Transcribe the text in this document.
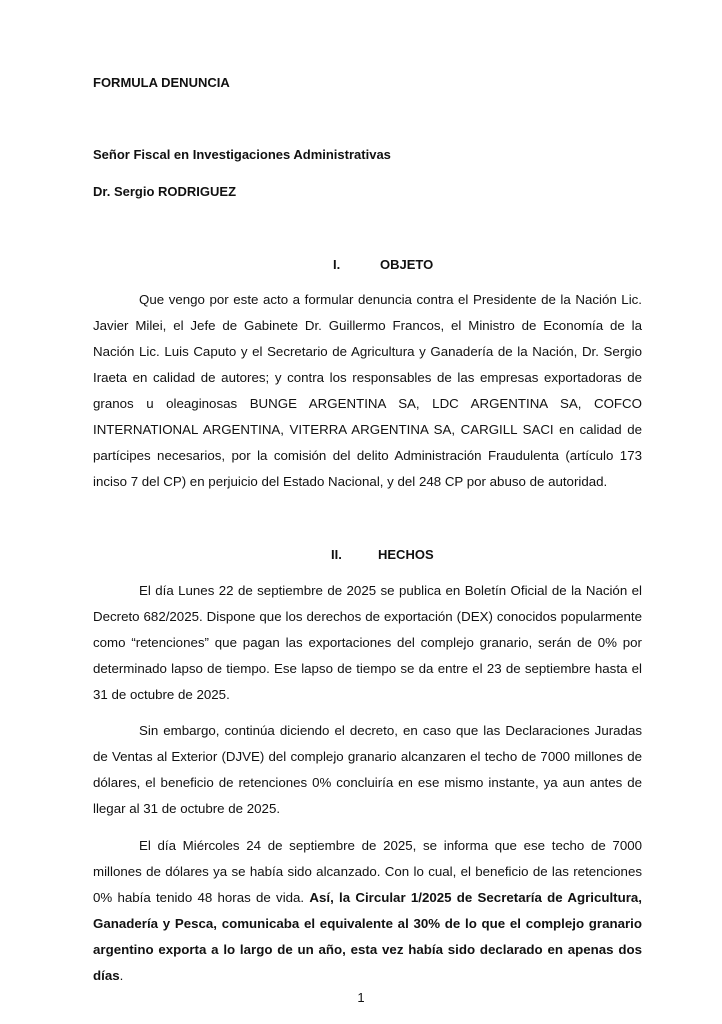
FORMULA DENUNCIA
Señor Fiscal en Investigaciones Administrativas
Dr. Sergio RODRIGUEZ
I.	OBJETO

Que vengo por este acto a formular denuncia contra el Presidente de la Nación Lic. Javier Milei, el Jefe de Gabinete Dr. Guillermo Francos, el Ministro de Economía de la Nación Lic. Luis Caputo y el Secretario de Agricultura y Ganadería de la Nación, Dr. Sergio Iraeta en calidad de autores; y contra los responsables de las empresas exportadoras de granos u oleaginosas BUNGE ARGENTINA SA, LDC ARGENTINA SA, COFCO INTERNATIONAL ARGENTINA, VITERRA ARGENTINA SA, CARGILL SACI en calidad de partícipes necesarios, por la comisión del delito Administración Fraudulenta (artículo 173 inciso 7 del CP) en perjuicio del Estado Nacional, y del 248 CP por abuso de autoridad.

II.	HECHOS

El día Lunes 22 de septiembre de 2025 se publica en Boletín Oficial de la Nación el Decreto 682/2025. Dispone que los derechos de exportación (DEX) conocidos popularmente como “retenciones” que pagan las exportaciones del complejo granario, serán de 0% por determinado lapso de tiempo. Ese lapso de tiempo se da entre el 23 de septiembre hasta el 31 de octubre de 2025.

Sin embargo, continúa diciendo el decreto, en caso que las Declaraciones Juradas de Ventas al Exterior (DJVE) del complejo granario alcanzaren el techo de 7000 millones de dólares, el beneficio de retenciones 0% concluiría en ese mismo instante, ya aun antes de llegar al 31 de octubre de 2025.

El día Miércoles 24 de septiembre de 2025, se informa que ese techo de 7000 millones de dólares ya se había sido alcanzado. Con lo cual, el beneficio de las retenciones 0% había tenido 48 horas de vida. Así, la Circular 1/2025 de Secretaría de Agricultura, Ganadería y Pesca, comunicaba el equivalente al 30% de lo que el complejo granario argentino exporta a lo largo de un año, esta vez había sido declarado en apenas dos días.

1
